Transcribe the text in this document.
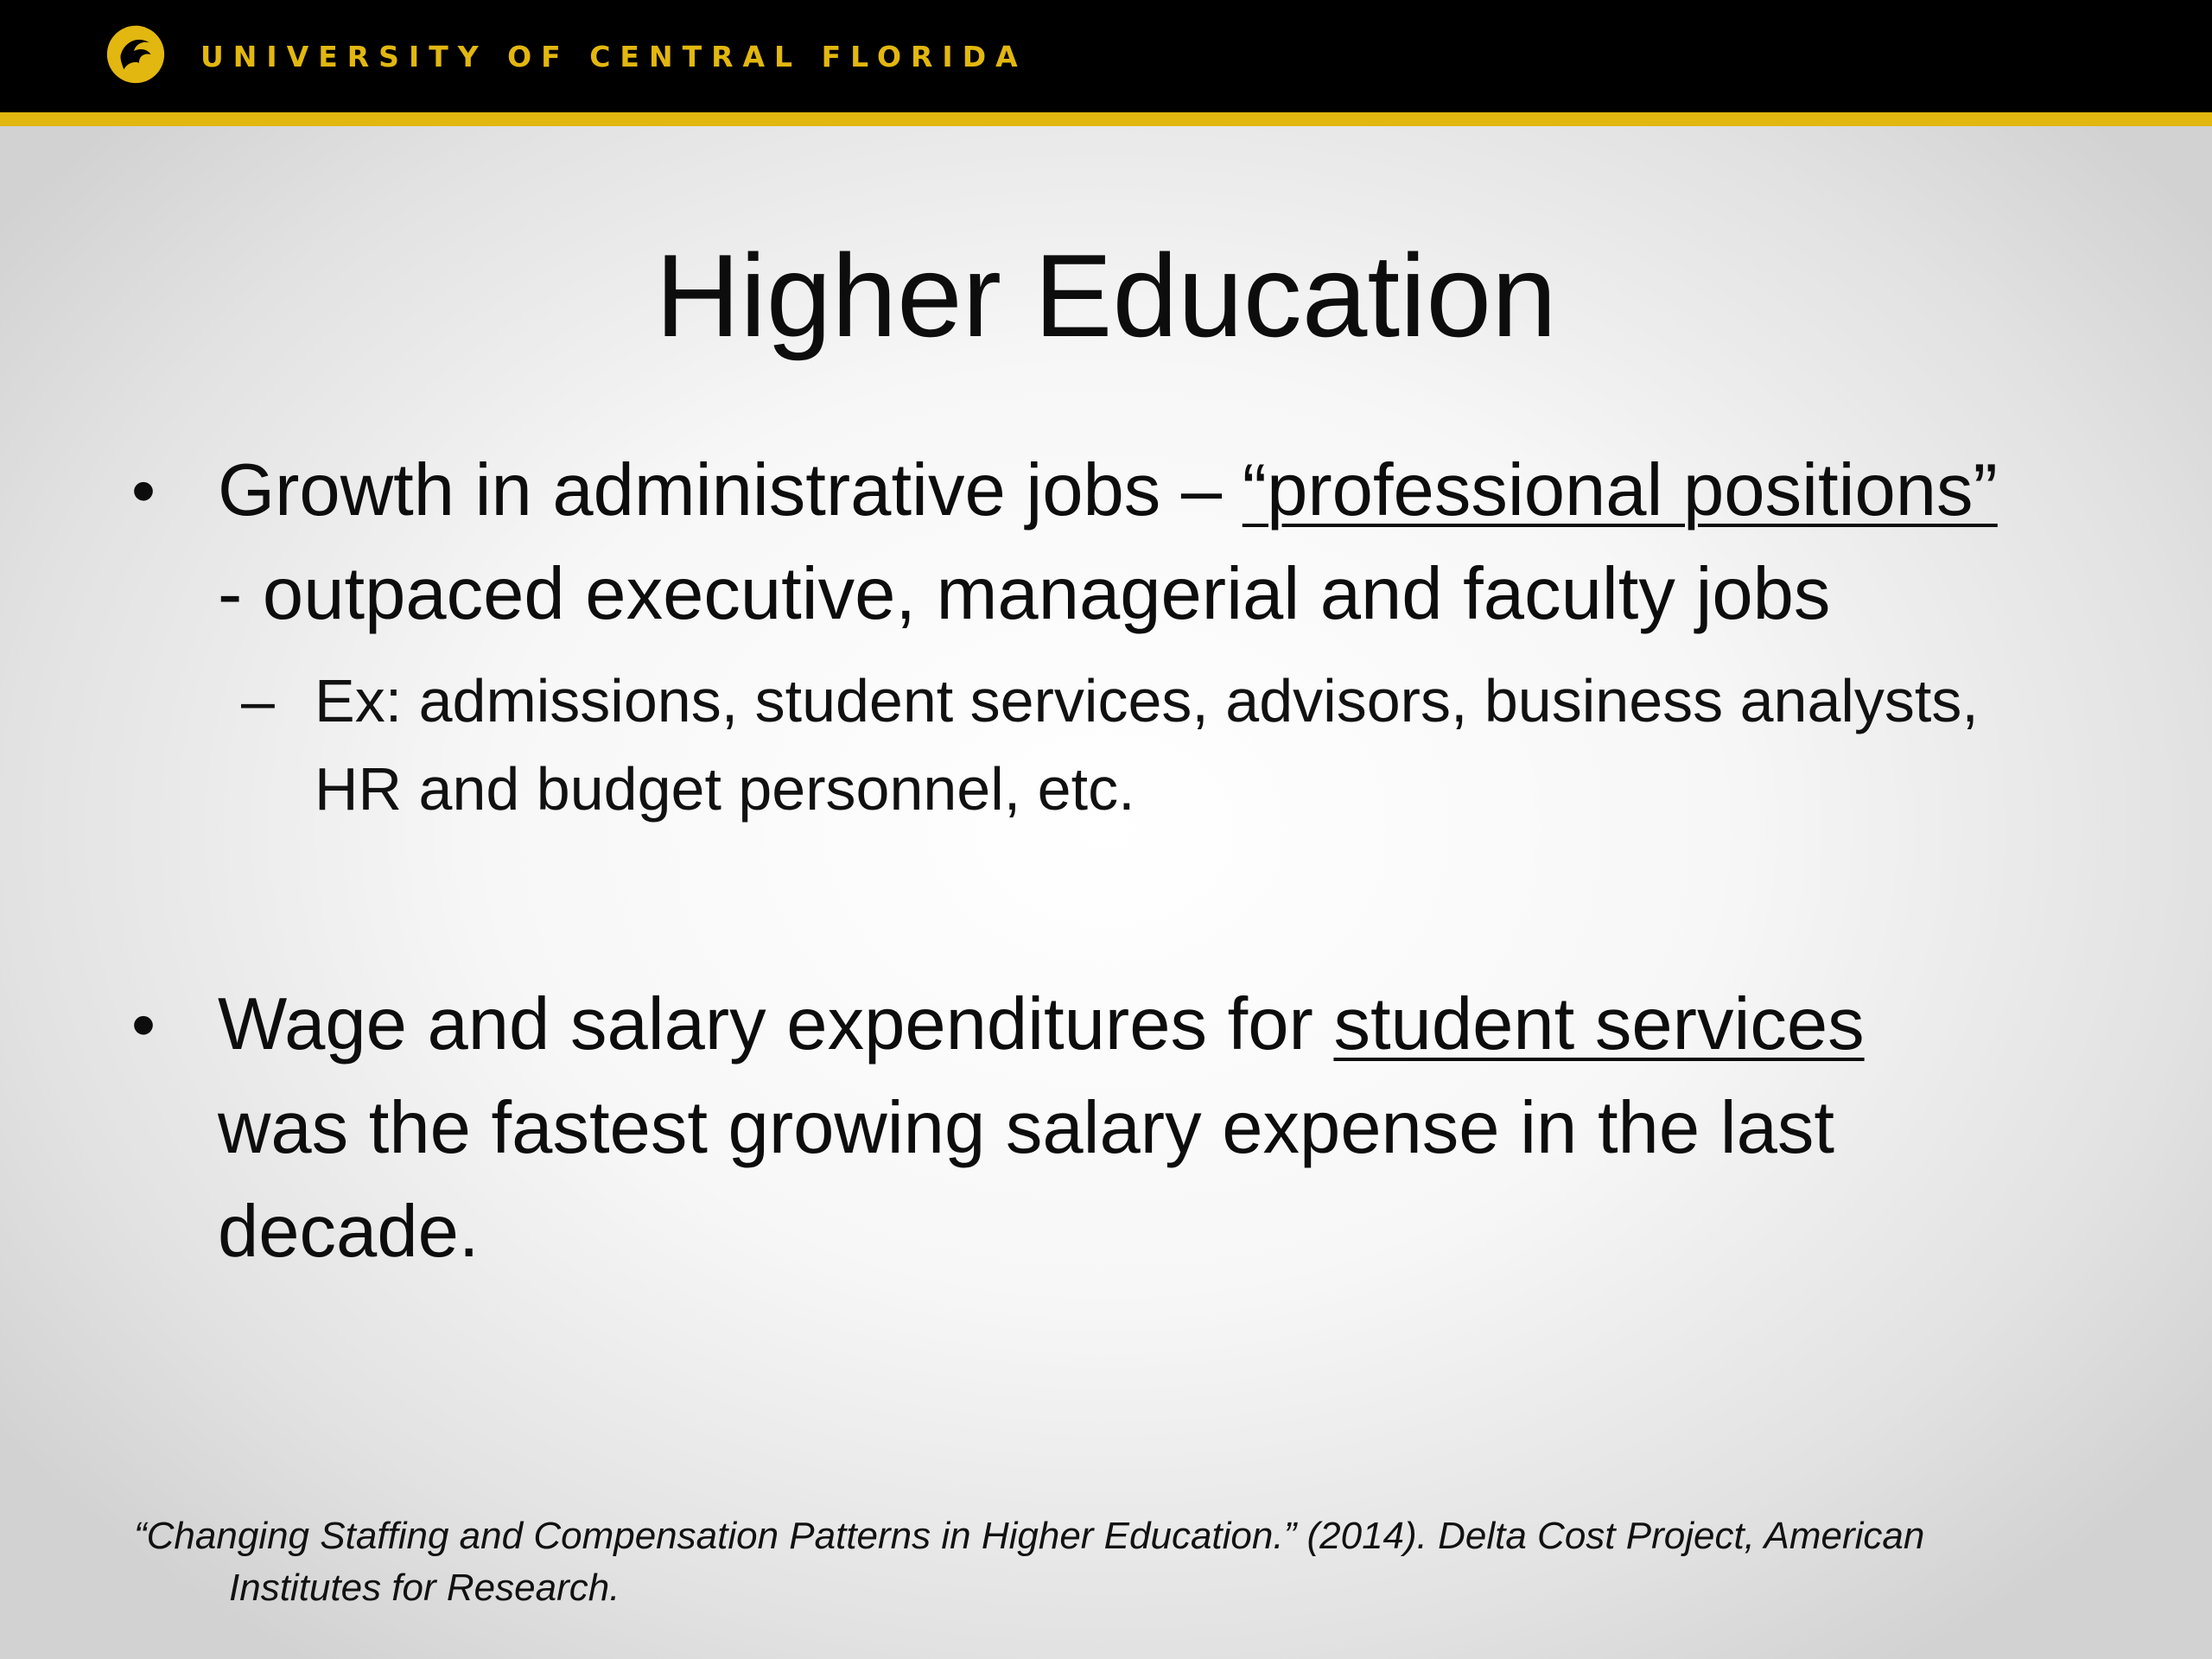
UNIVERSITY OF CENTRAL FLORIDA
Higher Education
• Growth in administrative jobs – “professional positions” - outpaced executive, managerial and faculty jobs
– Ex: admissions, student services, advisors, business analysts, HR and budget personnel, etc.
• Wage and salary expenditures for student services was the fastest growing salary expense in the last decade.
“Changing Staffing and Compensation Patterns in Higher Education.” (2014). Delta Cost Project, American
Institutes for Research.
